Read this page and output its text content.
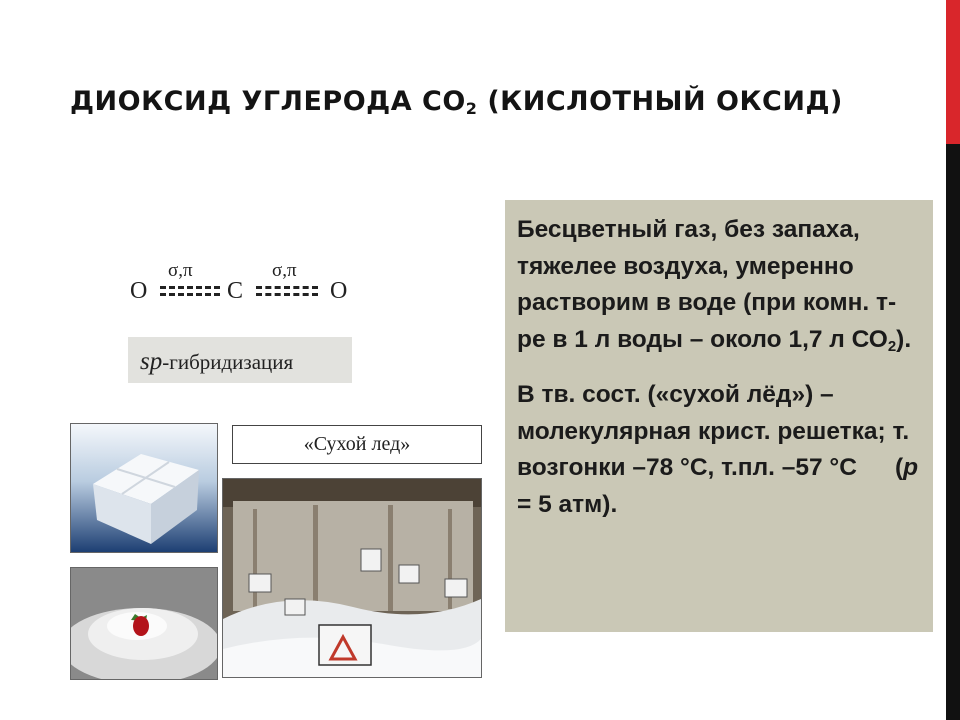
ДИОКСИД УГЛЕРОДА $СО_2$ (КИСЛОТНЫЙ ОКСИД)
O
σ,π
C
σ,π
O
sp-гибридизация
«Сухой лед»

Бесцветный газ, без запаха, тяжелее воздуха, умеренно растворим в воде (при комн. т-ре в 1 л воды – около 1,7 л $СО_2$).

В тв. сост. («сухой лёд») – молекулярная крист. решетка; т. возгонки –78 °С, т.пл. –57 °С (р = 5 атм).
